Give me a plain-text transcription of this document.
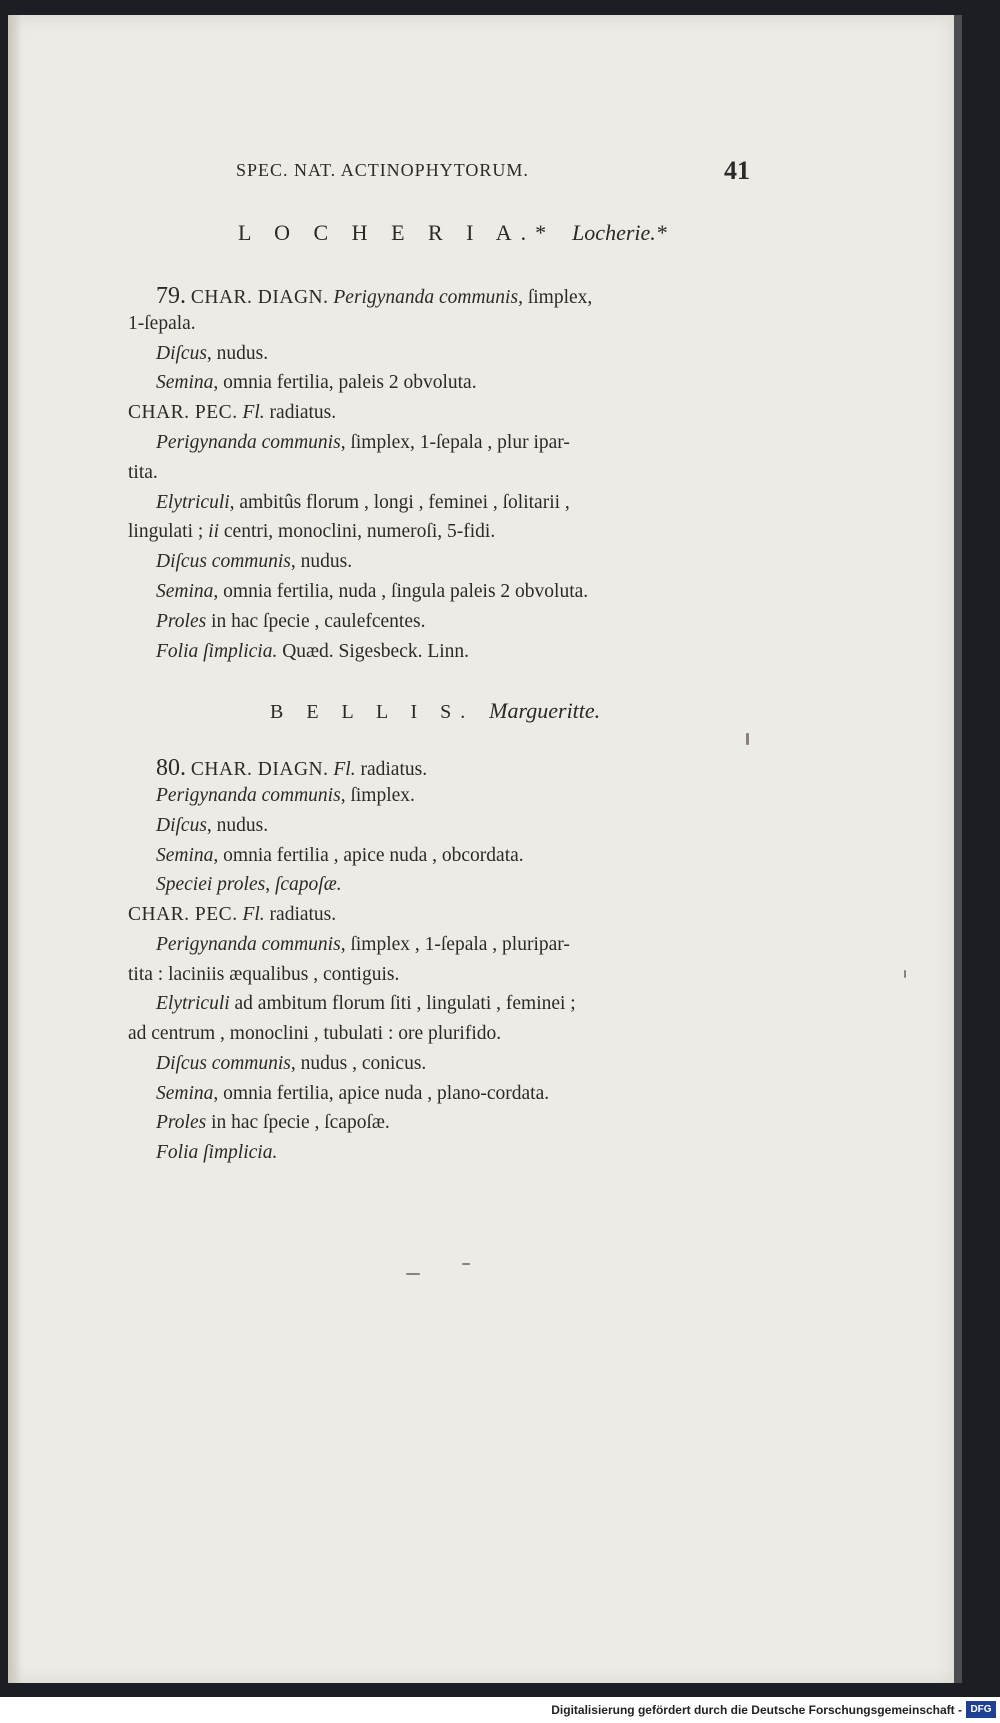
SPEC. NAT. ACTINOPHYTORUM.	41
L O C H E R I A.* Locherie.*
79. CHAR. DIAGN. Perigynanda communis, ſimplex,
1-ſepala.
Diſcus, nudus.
Semina, omnia fertilia, paleis 2 obvoluta.
CHAR. PEC. Fl. radiatus.
Perigynanda communis, ſimplex, 1-ſepala , plur ipar-
tita.
Elytriculi, ambitûs florum , longi , feminei , ſolitarii ,
lingulati ; ii centri, monoclini, numeroſi, 5-fidi.
Diſcus communis, nudus.
Semina, omnia fertilia, nuda , ſingula paleis 2 obvoluta.
Proles in hac ſpecie , caulefcentes.
Folia ſimplicia. Quæd. Sigesbeck. Linn.
B E L L I S. Margueritte.
80. CHAR. DIAGN. Fl. radiatus.
Perigynanda communis, ſimplex.
Diſcus, nudus.
Semina, omnia fertilia , apice nuda , obcordata.
Speciei proles, ſcapoſæ.
CHAR. PEC. Fl. radiatus.
Perigynanda communis, ſimplex , 1-ſepala , pluripar-
tita : laciniis æqualibus , contiguis.
Elytriculi ad ambitum florum ſiti , lingulati , feminei ;
ad centrum , monoclini , tubulati : ore plurifido.
Diſcus communis, nudus , conicus.
Semina, omnia fertilia, apice nuda , plano-cordata.
Proles in hac ſpecie , ſcapoſæ.
Folia ſimplicia.
Digitalisierung gefördert durch die Deutsche Forschungsgemeinschaft - DFG
